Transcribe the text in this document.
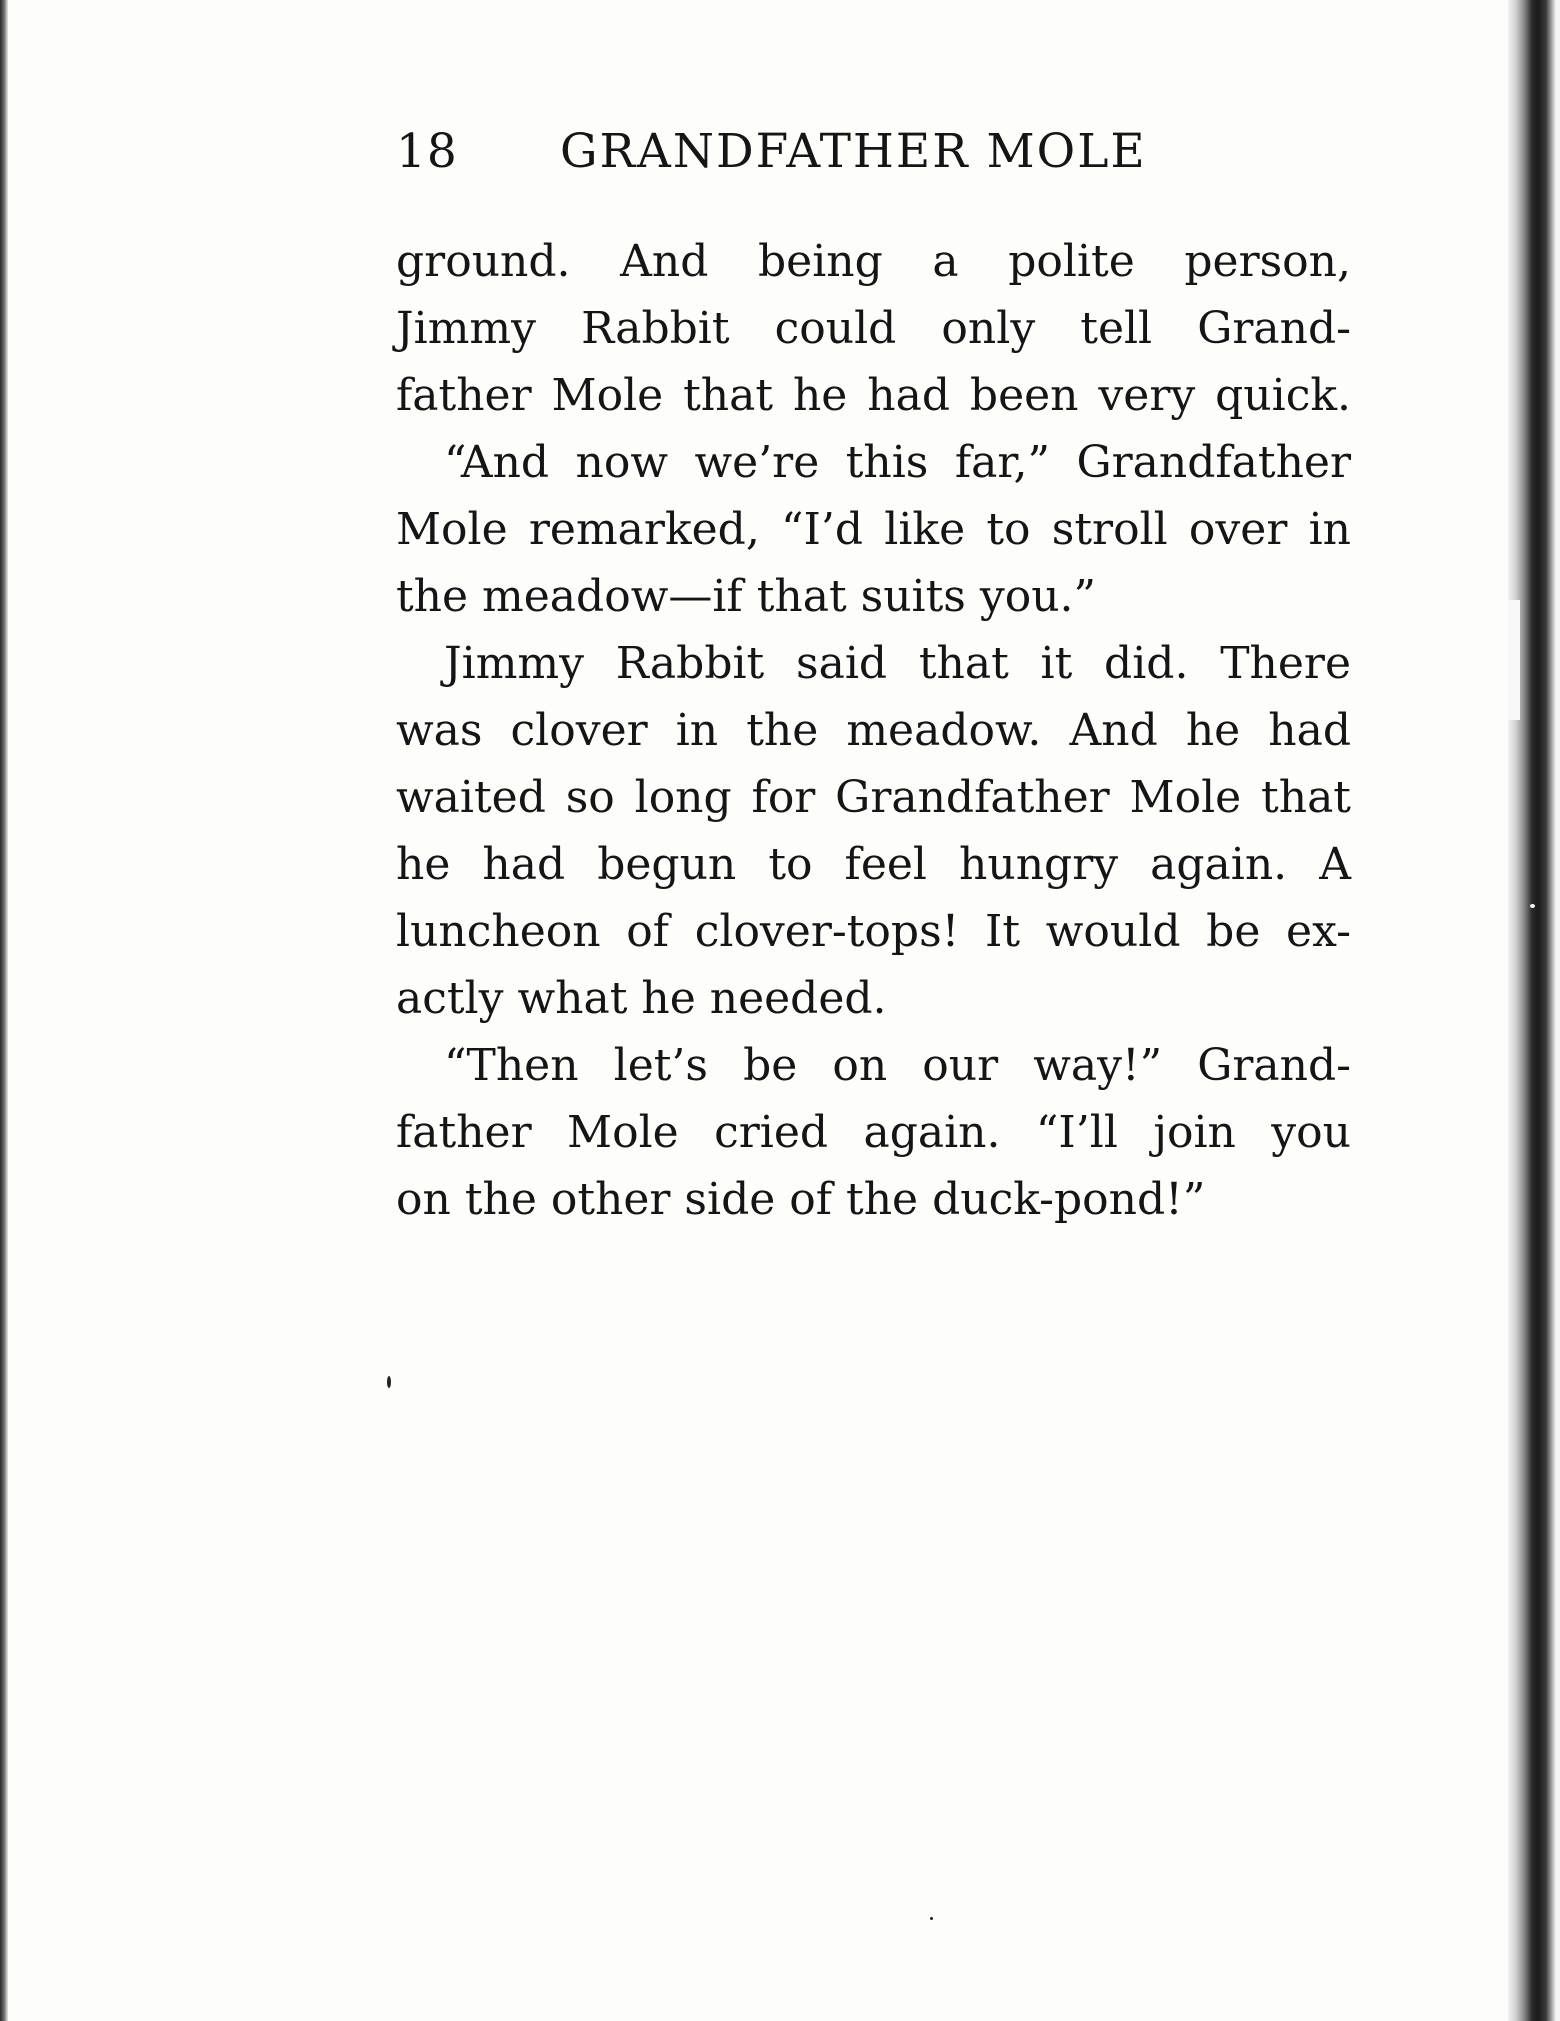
18 GRANDFATHER MOLE
ground. And being a polite person,
Jimmy Rabbit could only tell Grand-
father Mole that he had been very quick.
“And now we’re this far,” Grandfather
Mole remarked, “I’d like to stroll over in
the meadow—if that suits you.”
Jimmy Rabbit said that it did. There
was clover in the meadow. And he had
waited so long for Grandfather Mole that
he had begun to feel hungry again. A
luncheon of clover-tops! It would be ex-
actly what he needed.
“Then let’s be on our way!” Grand-
father Mole cried again. “I’ll join you
on the other side of the duck-pond!”
